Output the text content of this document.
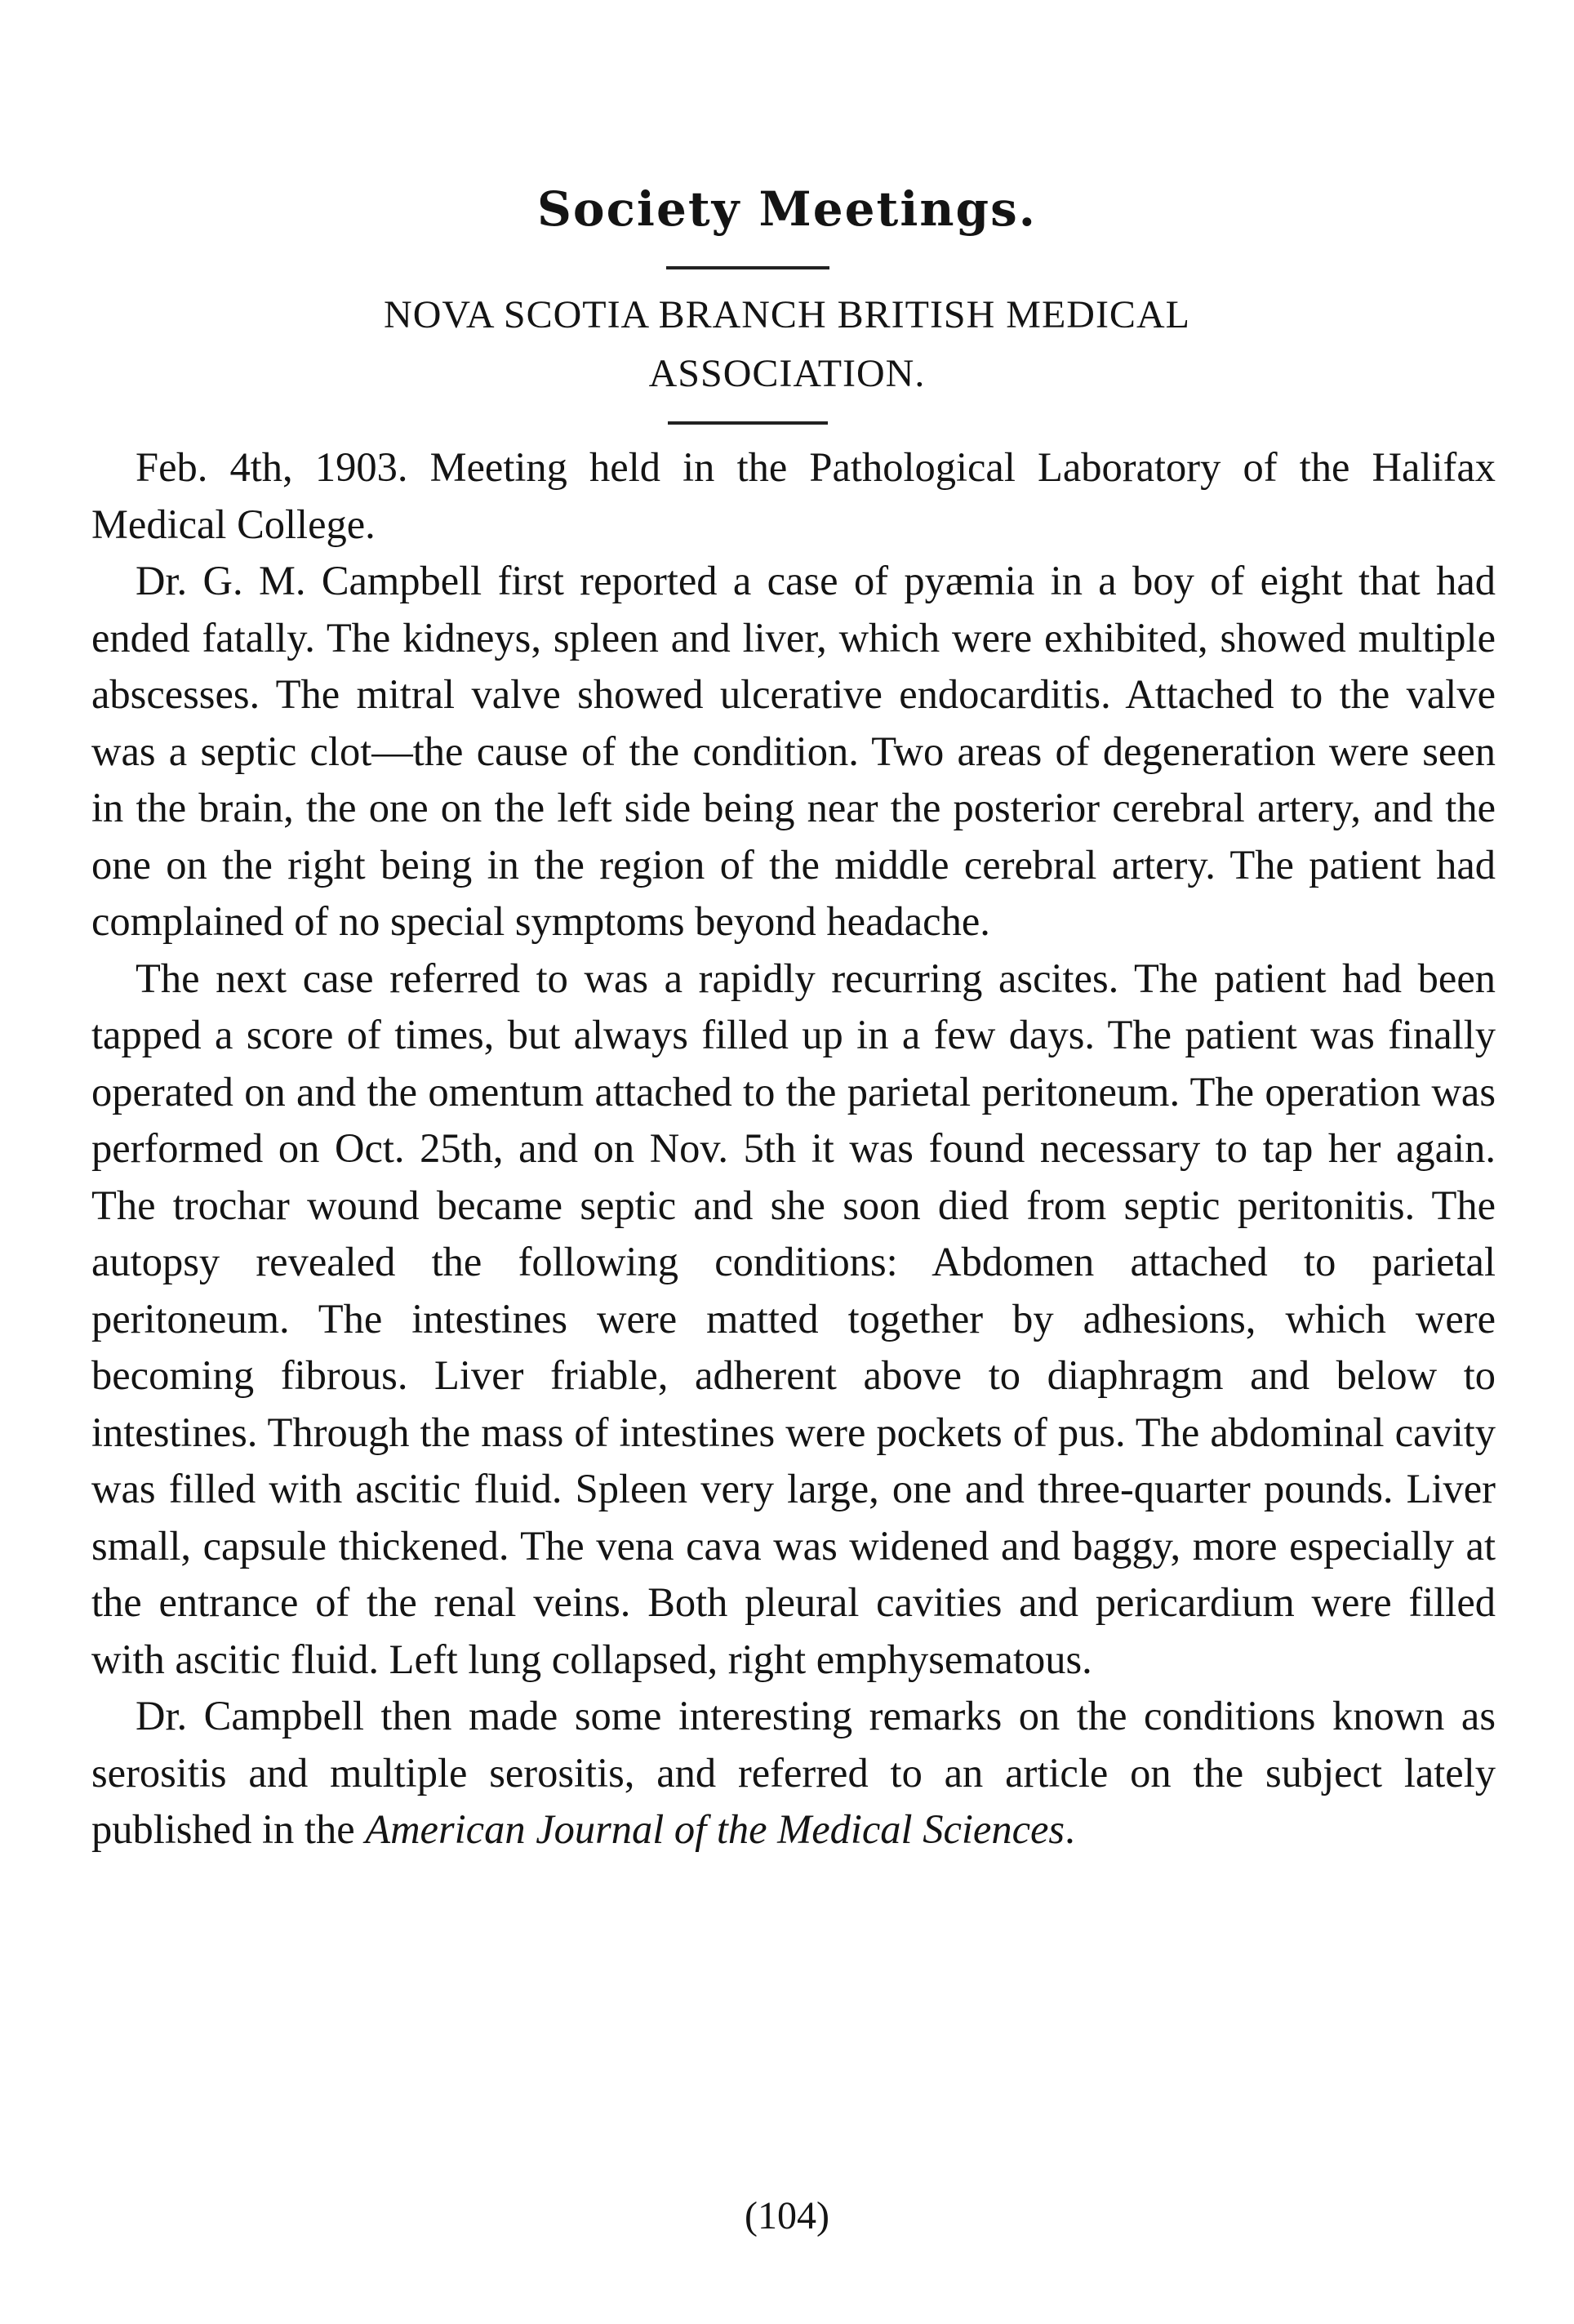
Society Meetings.
NOVA SCOTIA BRANCH BRITISH MEDICAL
ASSOCIATION.

Feb. 4th, 1903. Meeting held in the Pathological Laboratory of the Halifax Medical College.

Dr. G. M. Campbell first reported a case of pyæmia in a boy of eight that had ended fatally. The kidneys, spleen and liver, which were exhibited, showed multiple abscesses. The mitral valve showed ulcerative endocarditis. Attached to the valve was a septic clot—the cause of the condition. Two areas of degeneration were seen in the brain, the one on the left side being near the posterior cerebral artery, and the one on the right being in the region of the middle cerebral artery. The patient had complained of no special symptoms beyond headache.

The next case referred to was a rapidly recurring ascites. The patient had been tapped a score of times, but always filled up in a few days. The patient was finally operated on and the omentum attached to the parietal peritoneum. The operation was performed on Oct. 25th, and on Nov. 5th it was found necessary to tap her again. The trochar wound became septic and she soon died from septic peritonitis. The autopsy revealed the following conditions: Abdomen attached to parietal peritoneum. The intestines were matted together by adhesions, which were becoming fibrous. Liver friable, adherent above to diaphragm and below to intestines. Through the mass of intestines were pockets of pus. The abdominal cavity was filled with ascitic fluid. Spleen very large, one and three-quarter pounds. Liver small, capsule thickened. The vena cava was widened and baggy, more especially at the entrance of the renal veins. Both pleural cavities and pericardium were filled with ascitic fluid. Left lung collapsed, right emphysematous.

Dr. Campbell then made some interesting remarks on the conditions known as serositis and multiple serositis, and referred to an article on the subject lately published in the American Journal of the Medical Sciences.

(104)
